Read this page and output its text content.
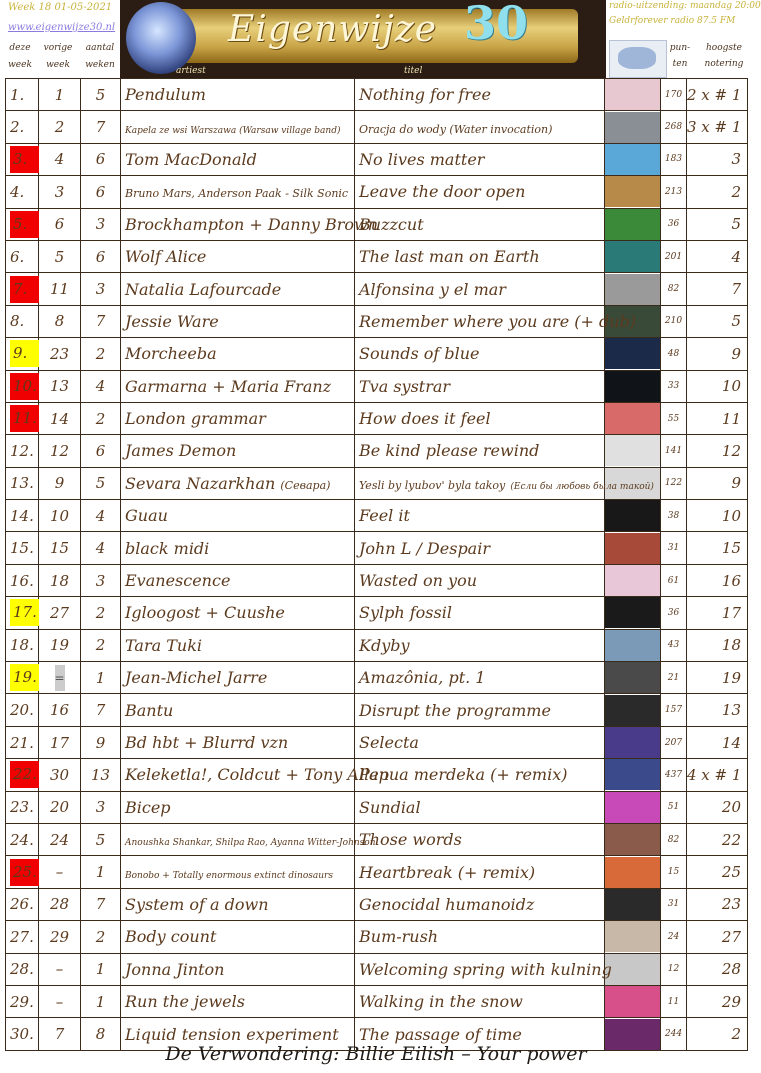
Week 18 01-05-2021
www.eigenwijze30.nl
deze
week
vorige
week
aantal
weken
Eigenwijze 30
artiest	titel
radio-uitzending: maandag 20:00
Geldrforever radio 87.5 FM
pun-
ten
hoogste
notering
1.	1	5	Pendulum	Nothing for free		170	2 x # 1
2.	2	7	Kapela ze wsi Warszawa (Warsaw village band)	Oracja do wody (Water invocation)		268	3 x # 1
3.	4	6	Tom MacDonald	No lives matter		183	3
4.	3	6	Bruno Mars, Anderson Paak - Silk Sonic	Leave the door open		213	2
5.	6	3	Brockhampton + Danny Brown	Buzzcut		36	5
6.	5	6	Wolf Alice	The last man on Earth		201	4
7.	11	3	Natalia Lafourcade	Alfonsina y el mar		82	7
8.	8	7	Jessie Ware	Remember where you are (+ dub)		210	5
9.	23	2	Morcheeba	Sounds of blue		48	9
10.	13	4	Garmarna + Maria Franz	Tva systrar		33	10
11.	14	2	London grammar	How does it feel		55	11
12.	12	6	James Demon	Be kind please rewind		141	12
13.	9	5	Sevara Nazarkhan (Севара)	Yesli by lyubov' byla takoy (Если бы любовь была такой)		122	9
14.	10	4	Guau	Feel it		38	10
15.	15	4	black midi	John L / Despair		31	15
16.	18	3	Evanescence	Wasted on you		61	16
17.	27	2	Igloogost + Cuushe	Sylph fossil		36	17
18.	19	2	Tara Tuki	Kdyby		43	18
19.	=	1	Jean-Michel Jarre	Amazônia, pt. 1		21	19
20.	16	7	Bantu	Disrupt the programme		157	13
21.	17	9	Bd hbt + Blurrd vzn	Selecta		207	14
22.	30	13	Keleketla!, Coldcut + Tony Allen	Papua merdeka (+ remix)		437	4 x # 1
23.	20	3	Bicep	Sundial		51	20
24.	24	5	Anoushka Shankar, Shilpa Rao, Ayanna Witter-Johnson	Those words		82	22
25.	–	1	Bonobo + Totally enormous extinct dinosaurs	Heartbreak (+ remix)		15	25
26.	28	7	System of a down	Genocidal humanoidz		31	23
27.	29	2	Body count	Bum-rush		24	27
28.	–	1	Jonna Jinton	Welcoming spring with kulning		12	28
29.	–	1	Run the jewels	Walking in the snow		11	29
30.	7	8	Liquid tension experiment	The passage of time		244	2
De Verwondering: Billie Eilish – Your power
